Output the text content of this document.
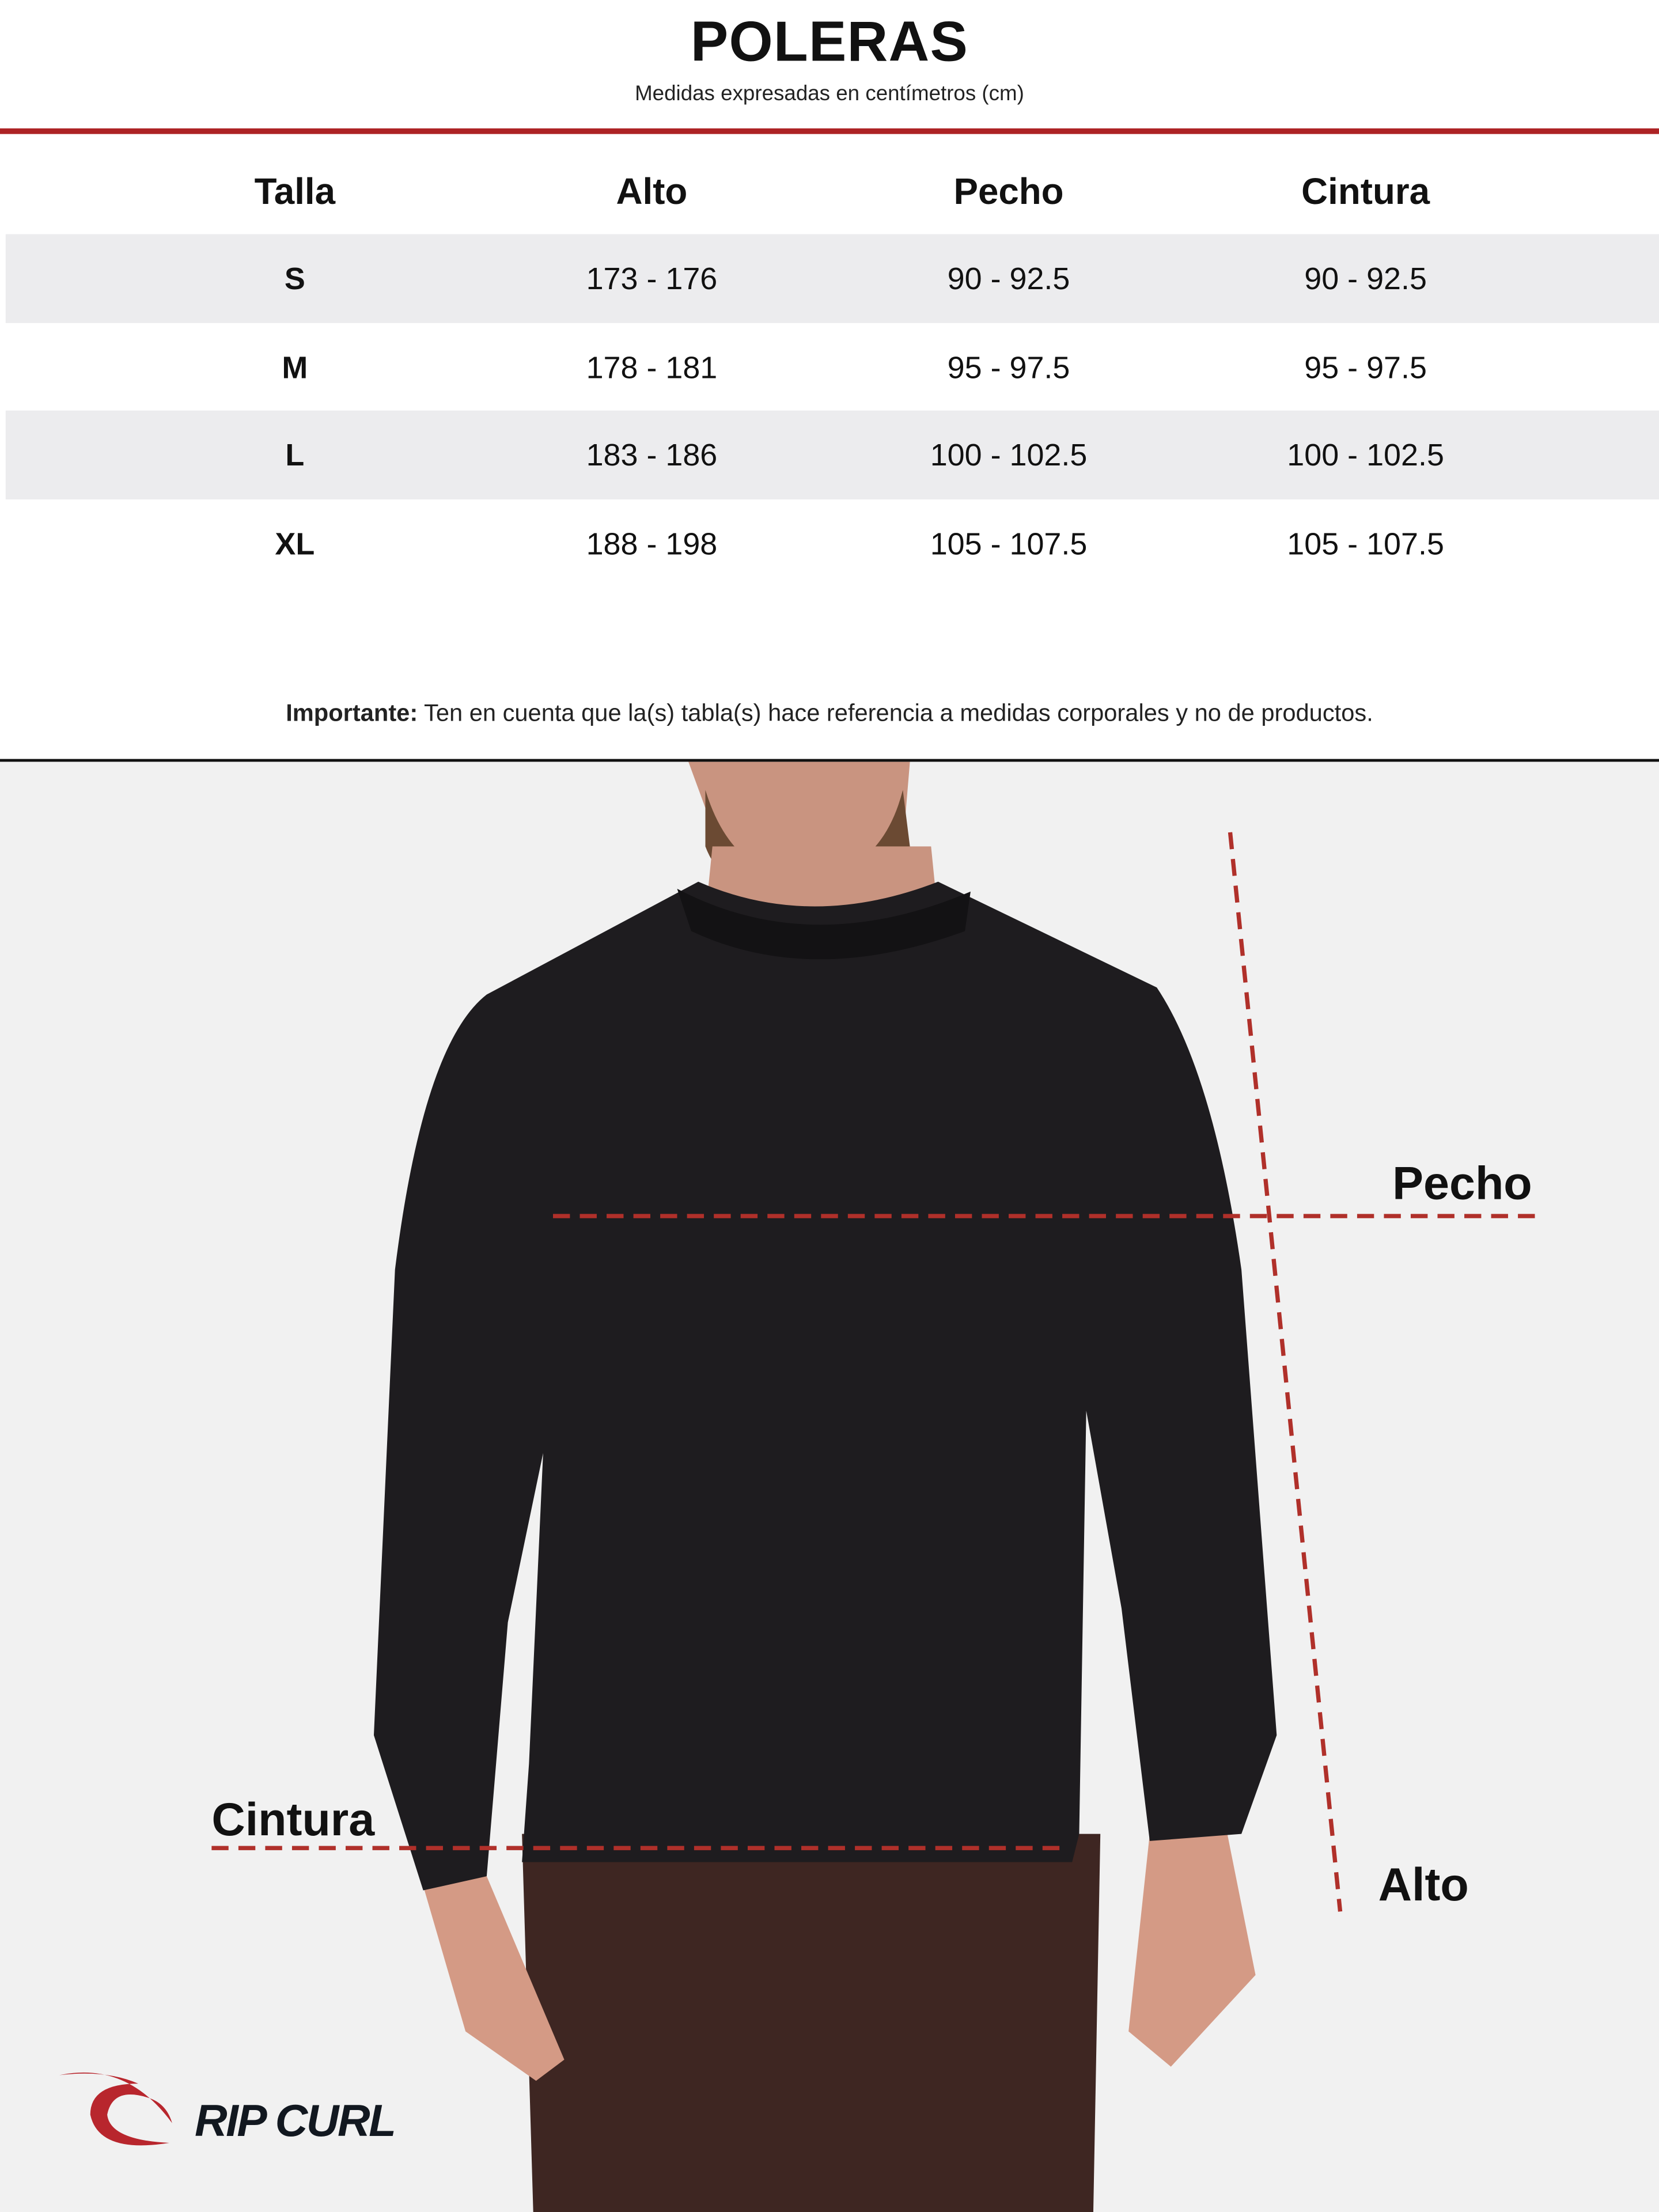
POLERAS
Medidas expresadas en centímetros (cm)
Talla	Alto	Pecho	Cintura
S	173 - 176	90 - 92.5	90 - 92.5
M	178 - 181	95 - 97.5	95 - 97.5
L	183 - 186	100 - 102.5	100 - 102.5
XL	188 - 198	105 - 107.5	105 - 107.5
Importante: Ten en cuenta que la(s) tabla(s) hace referencia a medidas corporales y no de productos.
Pecho
Cintura
Alto
RIP CURL
